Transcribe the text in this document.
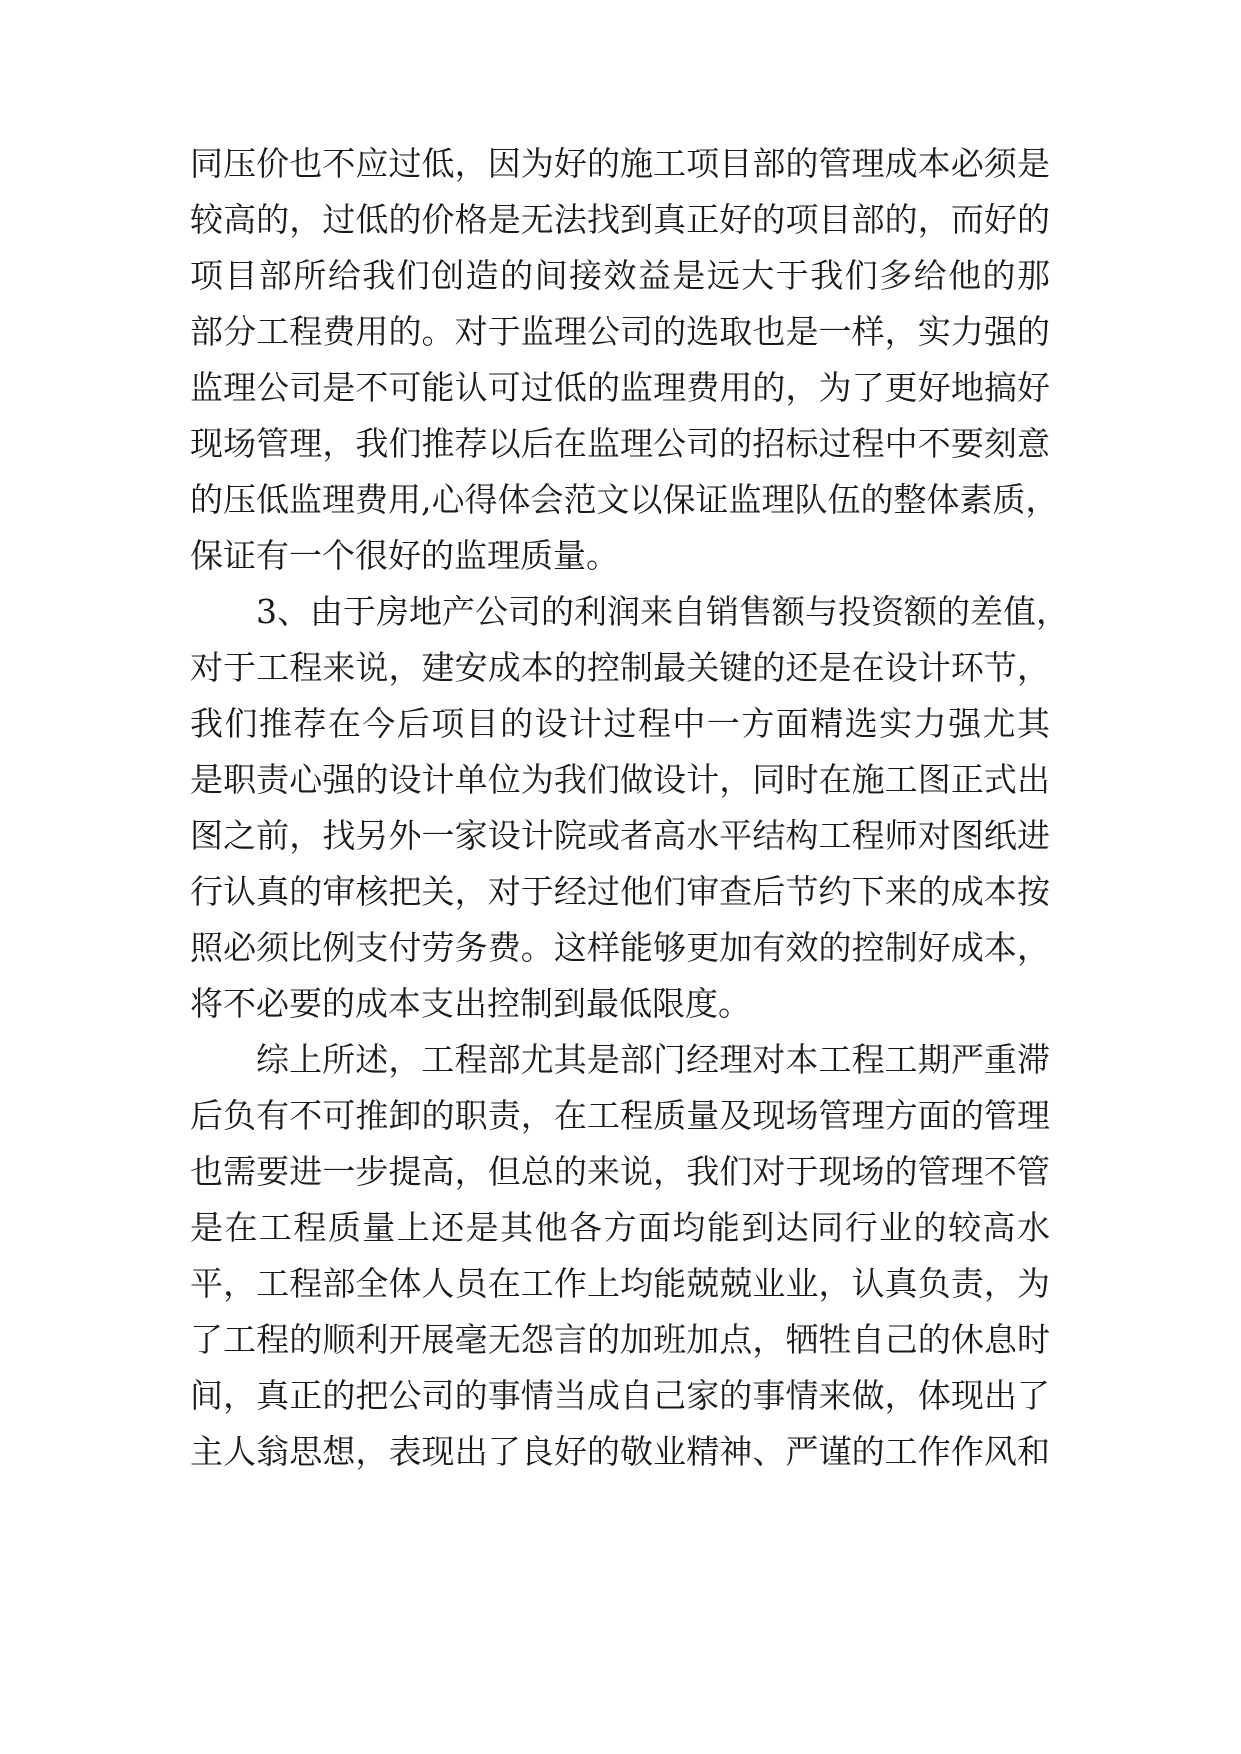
同压价也不应过低，因为好的施工项目部的管理成本必须是
较高的，过低的价格是无法找到真正好的项目部的，而好的
项目部所给我们创造的间接效益是远大于我们多给他的那
部分工程费用的。对于监理公司的选取也是一样，实力强的
监理公司是不可能认可过低的监理费用的，为了更好地搞好
现场管理，我们推荐以后在监理公司的招标过程中不要刻意
的压低监理费用,心得体会范文以保证监理队伍的整体素质，
保证有一个很好的监理质量。
3、由于房地产公司的利润来自销售额与投资额的差值，
对于工程来说，建安成本的控制最关键的还是在设计环节，
我们推荐在今后项目的设计过程中一方面精选实力强尤其
是职责心强的设计单位为我们做设计，同时在施工图正式出
图之前，找另外一家设计院或者高水平结构工程师对图纸进
行认真的审核把关，对于经过他们审查后节约下来的成本按
照必须比例支付劳务费。这样能够更加有效的控制好成本，
将不必要的成本支出控制到最低限度。
综上所述，工程部尤其是部门经理对本工程工期严重滞
后负有不可推卸的职责，在工程质量及现场管理方面的管理
也需要进一步提高，但总的来说，我们对于现场的管理不管
是在工程质量上还是其他各方面均能到达同行业的较高水
平，工程部全体人员在工作上均能兢兢业业，认真负责，为
了工程的顺利开展毫无怨言的加班加点，牺牲自己的休息时
间，真正的把公司的事情当成自己家的事情来做，体现出了
主人翁思想，表现出了良好的敬业精神、严谨的工作作风和
